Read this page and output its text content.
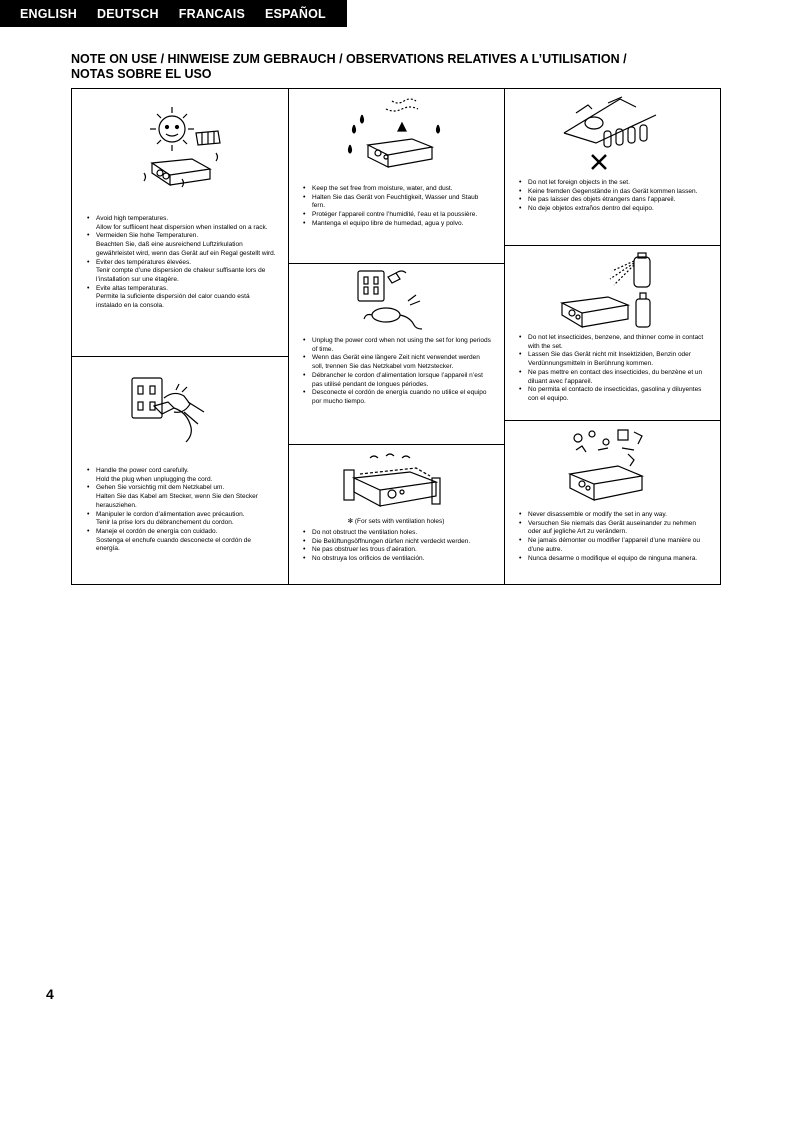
ENGLISH DEUTSCH FRANCAIS ESPAÑOL
NOTE ON USE / HINWEISE ZUM GEBRAUCH / OBSERVATIONS RELATIVES A L’UTILISATION /
NOTAS SOBRE EL USO
• Avoid high temperatures.
Allow for suffiicent heat dispersion when installed on a rack.
• Vermeiden Sie hohe Temperaturen.
Beachten Sie, daß eine ausreichend Luftzirkulation gewährleistet wird, wenn das Gerät auf ein Regal gestellt wird.
• Eviter des températures élevées.
Tenir compte d’une dispersion de chaleur suffisante lors de l’installation sur une étagère.
• Evite altas temperaturas.
Permite la suficiente dispersión del calor cuando está instalado en la consola.
• Handle the power cord carefully.
Hold the plug when unplugging the cord.
• Gehen Sie vorsichtig mit dem Netzkabel um.
Halten Sie das Kabel am Stecker, wenn Sie den Stecker herausziehen.
• Manipuler le cordon d’alimentation avec précaution.
Tenir la prise lors du débranchement du cordon.
• Maneje el cordón de energía con cuidado.
Sostenga el enchufe cuando desconecte el cordón de energía.
• Keep the set free from moisture, water, and dust.
• Halten Sie das Gerät von Feuchtigkeit, Wasser und Staub fern.
• Protéger l’appareil contre l’humidité, l’eau et la poussière.
• Mantenga el equipo libre de humedad, agua y polvo.
• Unplug the power cord when not using the set for long periods of time.
• Wenn das Gerät eine längere Zeit nicht verwendet werden soll, trennen Sie das Netzkabel vom Netzstecker.
• Débrancher le cordon d’alimentation lorsque l’appareil n’est pas utilisé pendant de longues périodes.
• Desconecte el cordón de energía cuando no utilice el equipo por mucho tiempo.
✻ (For sets with ventilation holes)
• Do not obstruct the ventilation holes.
• Die Belüftungsöffnungen dürfen nicht verdeckt werden.
• Ne pas obstruer les trous d’aération.
• No obstruya los orificios de ventilación.
• Do not let foreign objects in the set.
• Keine fremden Gegenstände in das Gerät kommen lassen.
• Ne pas laisser des objets étrangers dans l’appareil.
• No deje objetos extraños dentro del equipo.
• Do not let insecticides, benzene, and thinner come in contact with the set.
• Lassen Sie das Gerät nicht mit Insektiziden, Benzin oder Verdünnungsmitteln in Berührung kommen.
• Ne pas mettre en contact des insecticides, du benzène et un diluant avec l’appareil.
• No permita el contacto de insecticidas, gasolina y diluyentes con el equipo.
• Never disassemble or modify the set in any way.
• Versuchen Sie niemals das Gerät auseinander zu nehmen oder auf jegliche Art zu verändern.
• Ne jamais démonter ou modifier l’appareil d’une manière ou d’une autre.
• Nunca desarme o modifique el equipo de ninguna manera.
4
